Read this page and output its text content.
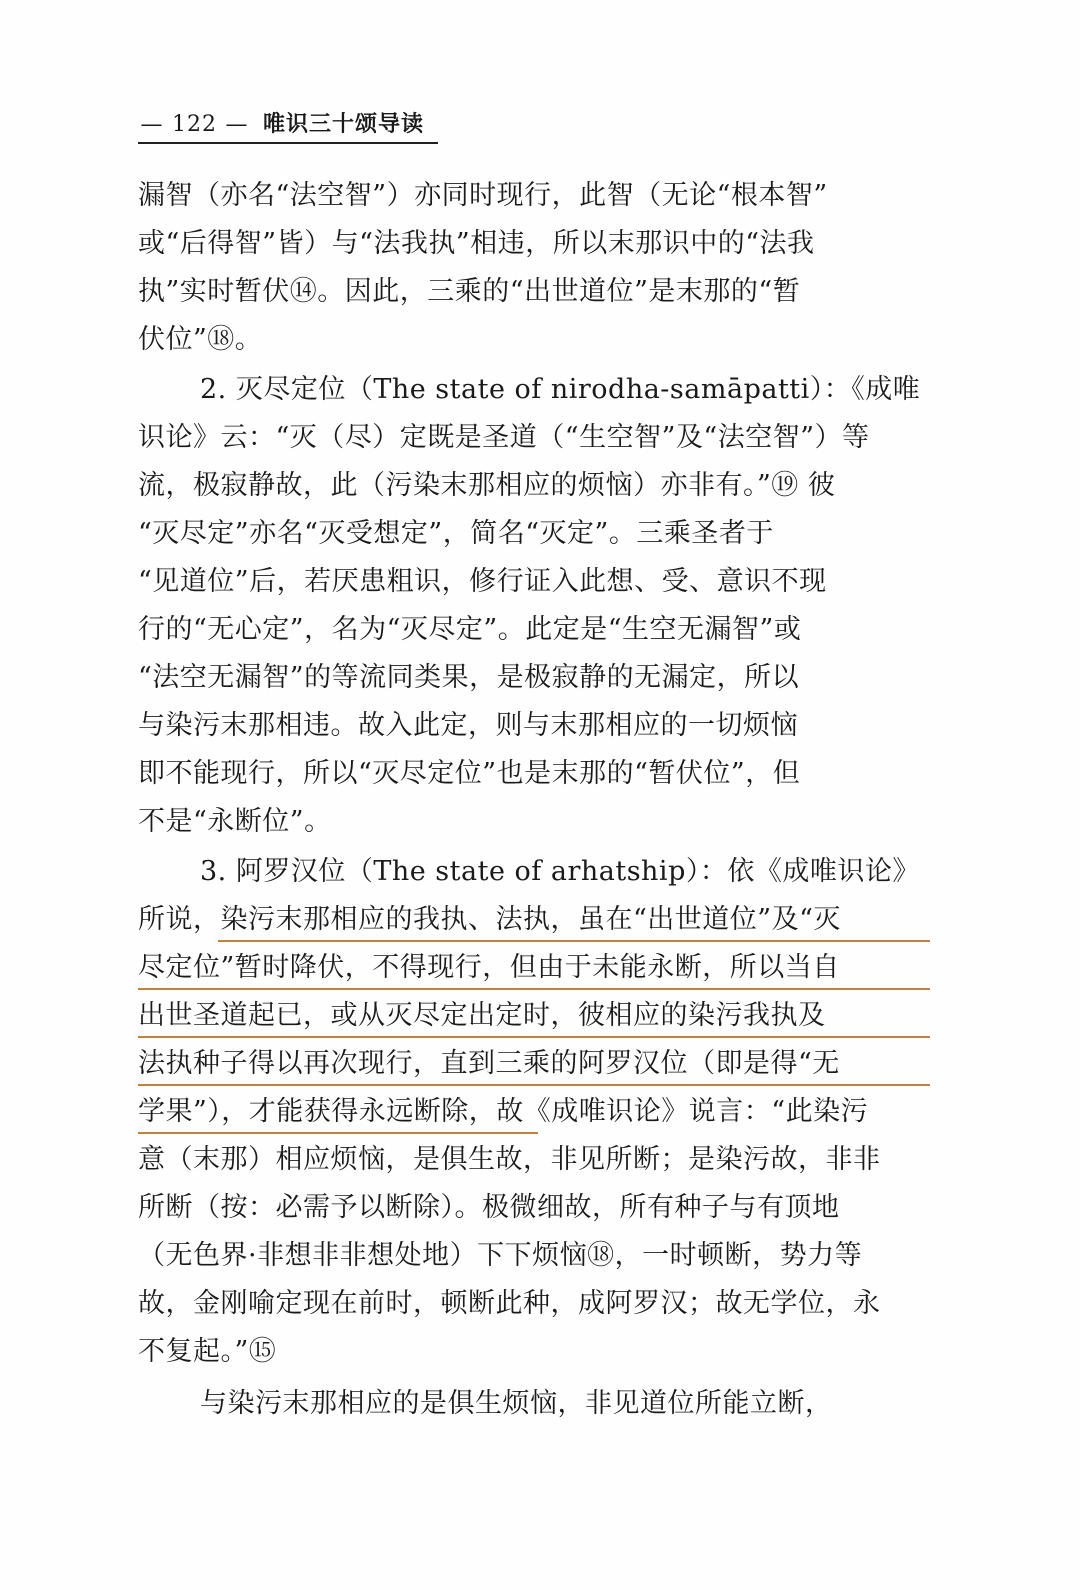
— 122 — 唯识三十颂导读
漏智（亦名“法空智”）亦同时现行，此智（无论“根本智”
或“后得智”皆）与“法我执”相违，所以末那识中的“法我
执”实时暂伏⑭。因此，三乘的“出世道位”是末那的“暂
伏位”⑱。
2. 灭尽定位（The state of nirodha-samāpatti）：《成唯
识论》云：“灭（尽）定既是圣道（“生空智”及“法空智”）等
流，极寂静故，此（污染末那相应的烦恼）亦非有。”⑲ 彼
“灭尽定”亦名“灭受想定”，简名“灭定”。三乘圣者于
“见道位”后，若厌患粗识，修行证入此想、受、意识不现
行的“无心定”，名为“灭尽定”。此定是“生空无漏智”或
“法空无漏智”的等流同类果，是极寂静的无漏定，所以
与染污末那相违。故入此定，则与末那相应的一切烦恼
即不能现行，所以“灭尽定位”也是末那的“暂伏位”，但
不是“永断位”。
3. 阿罗汉位（The state of arhatship）：依《成唯识论》
所说，染污末那相应的我执、法执，虽在“出世道位”及“灭
尽定位”暂时降伏，不得现行，但由于未能永断，所以当自
出世圣道起已，或从灭尽定出定时，彼相应的染污我执及
法执种子得以再次现行，直到三乘的阿罗汉位（即是得“无
学果”），才能获得永远断除，故《成唯识论》说言：“此染污
意（末那）相应烦恼，是俱生故，非见所断；是染污故，非非
所断（按：必需予以断除）。极微细故，所有种子与有顶地
（无色界·非想非非想处地）下下烦恼⑱，一时顿断，势力等
故，金刚喻定现在前时，顿断此种，成阿罗汉；故无学位，永
不复起。”⑮
与染污末那相应的是俱生烦恼，非见道位所能立断，
